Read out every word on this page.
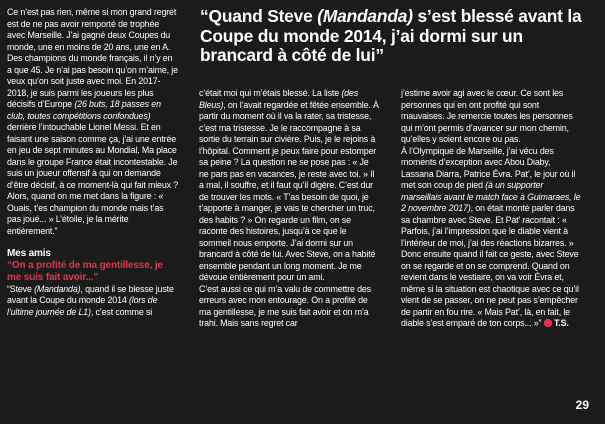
Ce n’est pas rien, même si mon grand regret est de ne pas avoir remporté de trophée avec Marseille. J’ai gagné deux Coupes du monde, une en moins de 20 ans, une en A.

Des champions du monde français, il n’y en a que 45. Je n’ai pas besoin qu’on m’aime, je veux qu’on soit juste avec moi. En 2017-2018, je suis parmi les joueurs les plus décisifs d’Europe (26 buts, 18 passes en club, toutes compétitions confondues) derrière l’intouchable Lionel Messi. Et en faisant une saison comme ça, j’ai une entrée en jeu de sept minutes au Mondial. Ma place dans le groupe France était incontestable. Je suis un joueur offensif à qui on demande d’être décisif, à ce moment-là qui fait mieux ? Alors, quand on me met dans la figure : « Ouais, t’es champion du monde mais t’as pas joué... » L’étoile, je la mérite entièrement.”

Mes amis

“On a profité de ma gentillesse, je me suis fait avoir...”

“Steve (Mandanda), quand il se blesse juste avant la Coupe du monde 2014 (lors de l’ultime journée de L1), c’est comme si

“Quand Steve (Mandanda) s’est blessé avant la Coupe du monde 2014, j’ai dormi sur un brancard à côté de lui”

c’était moi qui m’étais blessé. La liste (des Bleus), on l’avait regardée et fêtée ensemble. À partir du moment où il va la rater, sa tristesse, c’est ma tristesse. Je le raccompagne à sa sortie du terrain sur civière. Puis, je le rejoins à l’hôpital. Comment je peux faire pour estomper sa peine ? La question ne se pose pas : « Je ne pars pas en vacances, je reste avec toi. » Il a mal, il souffre, et il faut qu’il digère. C’est dur de trouver les mots. « T’as besoin de quoi, je t’apporte à manger, je vais te chercher un truc, des habits ? » On regarde un film, on se raconte des histoires, jusqu’à ce que le sommeil nous emporte. J’ai dormi sur un brancard à côté de lui. Avec Steve, on a habité ensemble pendant un long moment. Je me dévoue entièrement pour un ami.

C’est aussi ce qui m’a valu de commettre des erreurs avec mon entourage. On a profité de ma gentillesse, je me suis fait avoir et on m’a trahi. Mais sans regret car

j’estime avoir agi avec le cœur. Ce sont les personnes qui en ont profité qui sont mauvaises. Je remercie toutes les personnes qui m’ont permis d’avancer sur mon chemin, qu’elles y soient encore ou pas.

À l’Olympique de Marseille, j’ai vécu des moments d’exception avec Abou Diaby, Lassana Diarra, Patrice Évra. Pat’, le jour où il met son coup de pied (à un supporter marseillais avant le match face à Guimaraes, le 2 novembre 2017), on était monté parler dans sa chambre avec Steve. Et Pat’ racontait : « Parfois, j’ai l’impression que le diable vient à l’intérieur de moi, j’ai des réactions bizarres. » Donc ensuite quand il fait ce geste, avec Steve on se regarde et on se comprend. Quand on revient dans le vestiaire, on va voir Évra et, même si la situation est chaotique avec ce qu’il vient de se passer, on ne peut pas s’empêcher de partir en fou rire. « Mais Pat’, là, en fait, le diable s’est emparé de ton corps... »” T.S.

29
